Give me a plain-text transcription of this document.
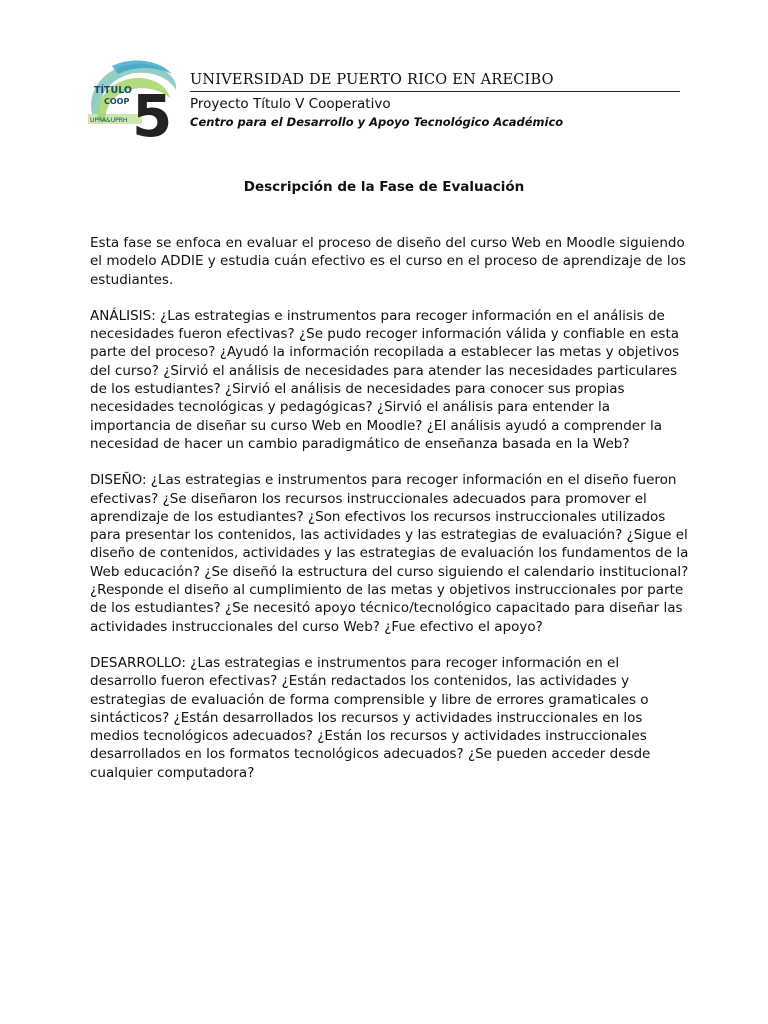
TÍTULO
COOP
UPRA&UPRH 5
UNIVERSIDAD DE PUERTO RICO EN ARECIBO
Proyecto Título V Cooperativo
Centro para el Desarrollo y Apoyo Tecnológico Académico
Descripción de la Fase de Evaluación

Esta fase se enfoca en evaluar el proceso de diseño del curso Web en Moodle siguiendo el modelo ADDIE y estudia cuán efectivo es el curso en el proceso de aprendizaje de los estudiantes.

ANÁLISIS: ¿Las estrategias e instrumentos para recoger información en el análisis de necesidades fueron efectivas? ¿Se pudo recoger información válida y confiable en esta parte del proceso? ¿Ayudó la información recopilada a establecer las metas y objetivos del curso? ¿Sirvió el análisis de necesidades para atender las necesidades particulares de los estudiantes? ¿Sirvió el análisis de necesidades para conocer sus propias necesidades tecnológicas y pedagógicas? ¿Sirvió el análisis para entender la importancia de diseñar su curso Web en Moodle? ¿El análisis ayudó a comprender la necesidad de hacer un cambio paradigmático de enseñanza basada en la Web?

DISEÑO: ¿Las estrategias e instrumentos para recoger información en el diseño fueron efectivas? ¿Se diseñaron los recursos instruccionales adecuados para promover el aprendizaje de los estudiantes? ¿Son efectivos los recursos instruccionales utilizados para presentar los contenidos, las actividades y las estrategias de evaluación? ¿Sigue el diseño de contenidos, actividades y las estrategias de evaluación los fundamentos de la Web educación? ¿Se diseñó la estructura del curso siguiendo el calendario institucional? ¿Responde el diseño al cumplimiento de las metas y objetivos instruccionales por parte de los estudiantes? ¿Se necesitó apoyo técnico/tecnológico capacitado para diseñar las actividades instruccionales del curso Web? ¿Fue efectivo el apoyo?

DESARROLLO: ¿Las estrategias e instrumentos para recoger información en el desarrollo fueron efectivas? ¿Están redactados los contenidos, las actividades y estrategias de evaluación de forma comprensible y libre de errores gramaticales o sintácticos? ¿Están desarrollados los recursos y actividades instruccionales en los medios tecnológicos adecuados? ¿Están los recursos y actividades instruccionales desarrollados en los formatos tecnológicos adecuados? ¿Se pueden acceder desde cualquier computadora?
